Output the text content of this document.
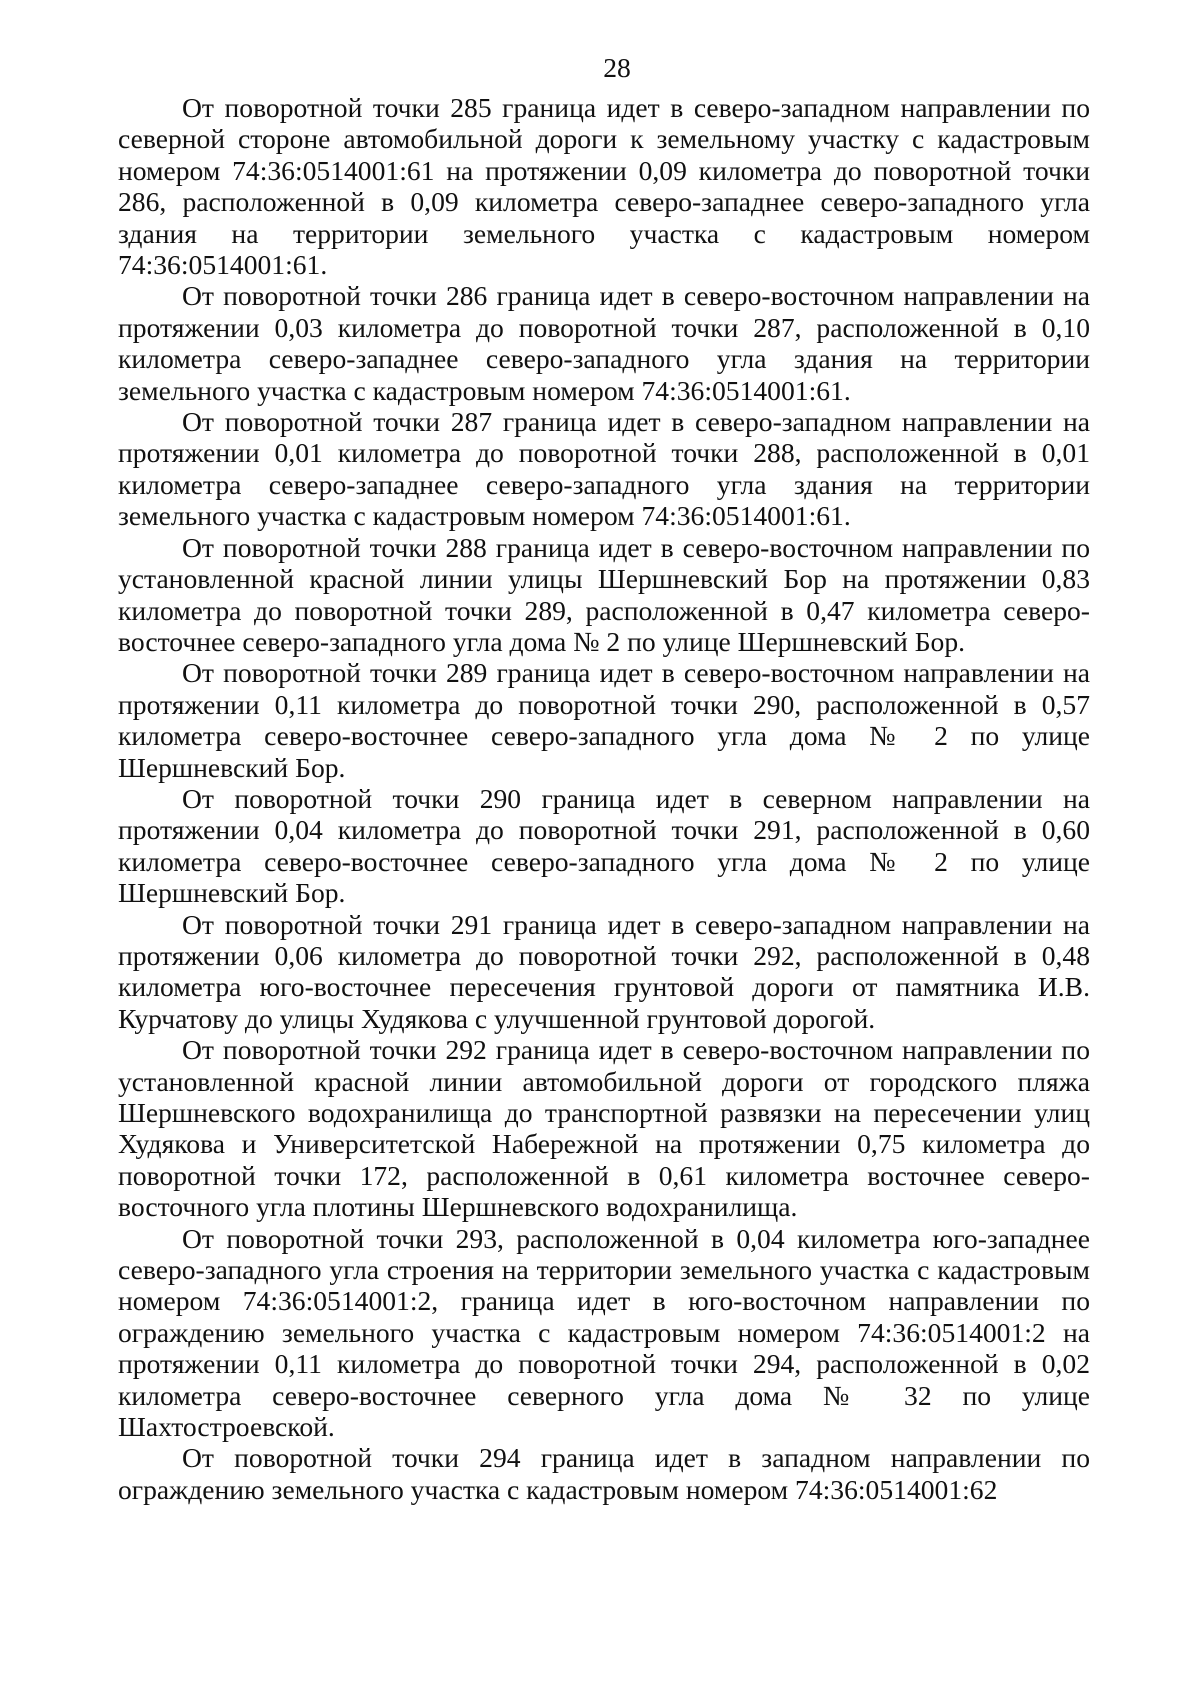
28

От поворотной точки 285 граница идет в северо-западном направлении по северной стороне автомобильной дороги к земельному участку с кадастровым номером 74:36:0514001:61 на протяжении 0,09 километра до поворотной точки 286, расположенной в 0,09 километра северо-западнее северо-западного угла здания на территории земельного участка с кадастровым номером 74:36:0514001:61.

От поворотной точки 286 граница идет в северо-восточном направлении на протяжении 0,03 километра до поворотной точки 287, расположенной в 0,10 километра северо-западнее северо-западного угла здания на территории земельного участка с кадастровым номером 74:36:0514001:61.

От поворотной точки 287 граница идет в северо-западном направлении на протяжении 0,01 километра до поворотной точки 288, расположенной в 0,01 километра северо-западнее северо-западного угла здания на территории земельного участка с кадастровым номером 74:36:0514001:61.

От поворотной точки 288 граница идет в северо-восточном направлении по установленной красной линии улицы Шершневский Бор на протяжении 0,83 километра до поворотной точки 289, расположенной в 0,47 километра северо-восточнее северо-западного угла дома № 2 по улице Шершневский Бор.

От поворотной точки 289 граница идет в северо-восточном направлении на протяжении 0,11 километра до поворотной точки 290, расположенной в 0,57 километра северо-восточнее северо-западного угла дома № 2 по улице Шершневский Бор.

От поворотной точки 290 граница идет в северном направлении на протяжении 0,04 километра до поворотной точки 291, расположенной в 0,60 километра северо-восточнее северо-западного угла дома № 2 по улице Шершневский Бор.

От поворотной точки 291 граница идет в северо-западном направлении на протяжении 0,06 километра до поворотной точки 292, расположенной в 0,48 километра юго-восточнее пересечения грунтовой дороги от памятника И.В. Курчатову до улицы Худякова с улучшенной грунтовой дорогой.

От поворотной точки 292 граница идет в северо-восточном направлении по установленной красной линии автомобильной дороги от городского пляжа Шершневского водохранилища до транспортной развязки на пересечении улиц Худякова и Университетской Набережной на протяжении 0,75 километра до поворотной точки 172, расположенной в 0,61 километра восточнее северо-восточного угла плотины Шершневского водохранилища.

От поворотной точки 293, расположенной в 0,04 километра юго-западнее северо-западного угла строения на территории земельного участка с кадастровым номером 74:36:0514001:2, граница идет в юго-восточном направлении по ограждению земельного участка с кадастровым номером 74:36:0514001:2 на протяжении 0,11 километра до поворотной точки 294, расположенной в 0,02 километра северо-восточнее северного угла дома № 32 по улице Шахтостроевской.

От поворотной точки 294 граница идет в западном направлении по ограждению земельного участка с кадастровым номером 74:36:0514001:62
